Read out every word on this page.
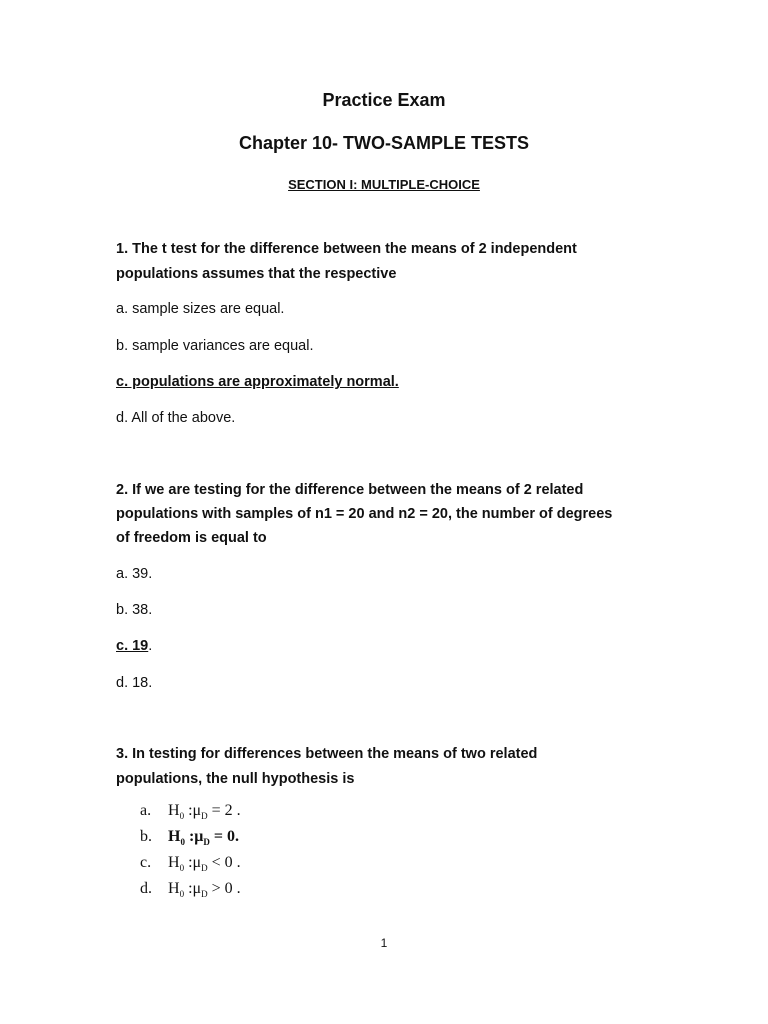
Practice Exam
Chapter 10- TWO-SAMPLE TESTS
SECTION I: MULTIPLE-CHOICE
1. The t test for the difference between the means of 2 independent
populations assumes that the respective
a. sample sizes are equal.
b. sample variances are equal.
c. populations are approximately normal.
d. All of the above.
2. If we are testing for the difference between the means of 2 related
populations with samples of n1 = 20 and n2 = 20, the number of degrees
of freedom is equal to
a. 39.
b. 38.
c. 19.
d. 18.
3. In testing for differences between the means of two related
populations, the null hypothesis is
a. $H_0$ $:\mu_D = 2$ .
b. $H_0$ $:\mu_D = 0$.
c. $H_0$ $:\mu_D < 0$ .
d. $H_0$ $:\mu_D > 0$ .
1
